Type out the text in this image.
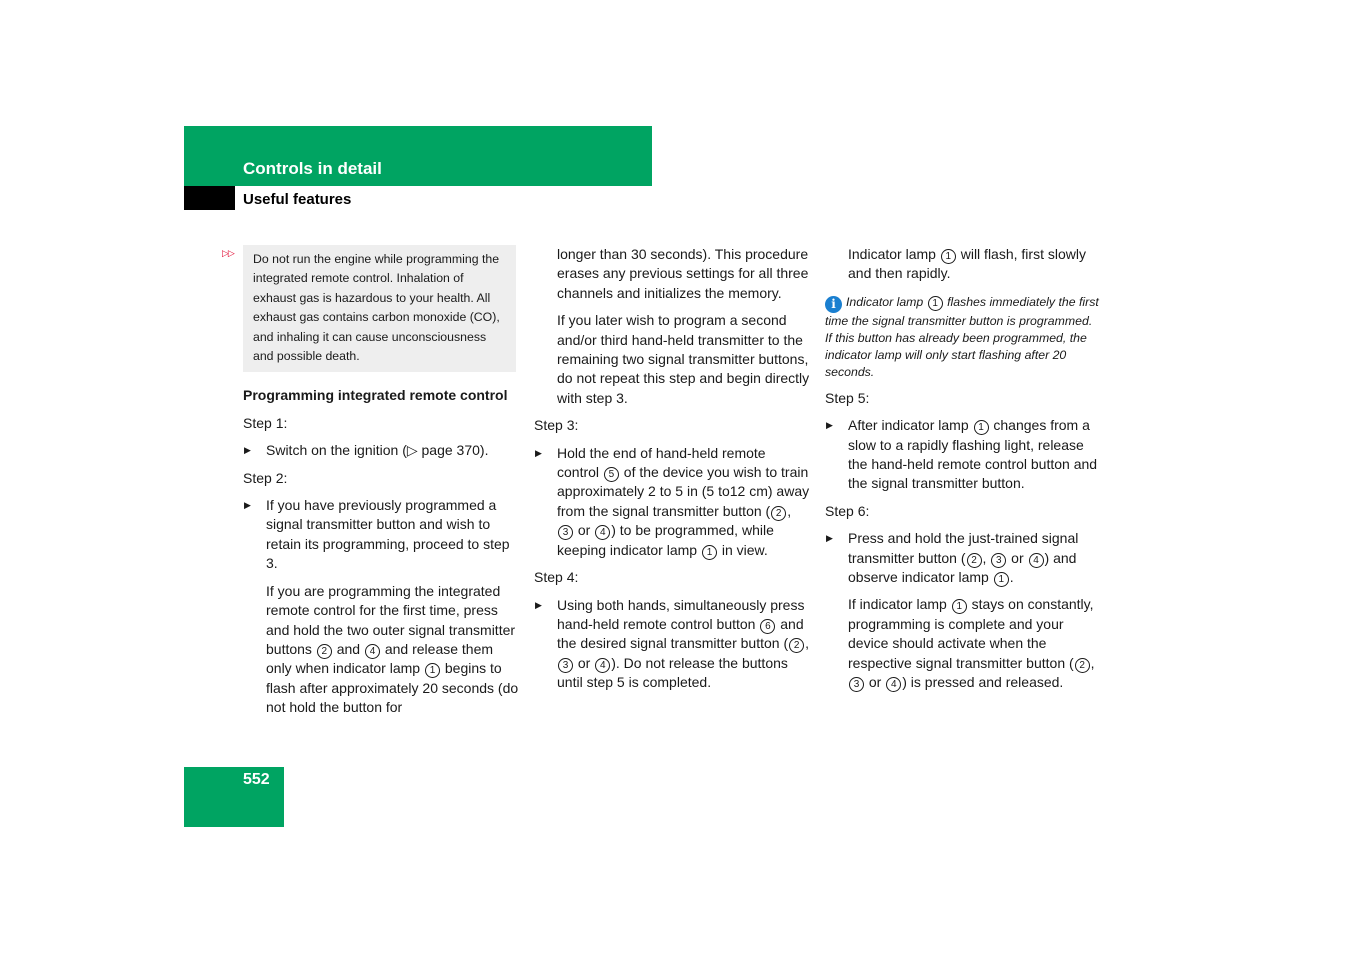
Controls in detail
Useful features
▷▷	Do not run the engine while programming the integrated remote control. Inhalation of exhaust gas is hazardous to your health. All exhaust gas contains carbon monoxide (CO), and inhaling it can cause unconsciousness and possible death.
Programming integrated remote control
Step 1:
▶ Switch on the ignition (▷ page 370).
Step 2:
▶ If you have previously programmed a signal transmitter button and wish to retain its programming, proceed to step 3.
If you are programming the integrated remote control for the first time, press and hold the two outer signal transmitter buttons 2 and 4 and release them only when indicator lamp 1 begins to flash after approximately 20 seconds (do not hold the button for
longer than 30 seconds). This procedure erases any previous settings for all three channels and initializes the memory.
If you later wish to program a second and/or third hand-held transmitter to the remaining two signal transmitter buttons, do not repeat this step and begin directly with step 3.
Step 3:
▶ Hold the end of hand-held remote control 5 of the device you wish to train approximately 2 to 5 in (5 to12 cm) away from the signal transmitter button ( 2 , 3 or 4 ) to be programmed, while keeping indicator lamp 1 in view.
Step 4:
▶ Using both hands, simultaneously press hand-held remote control button 6 and the desired signal transmitter button ( 2 , 3 or 4 ). Do not release the buttons until step 5 is completed.
Indicator lamp 1 will flash, first slowly and then rapidly.
i Indicator lamp 1 flashes immediately the first time the signal transmitter button is programmed. If this button has already been programmed, the indicator lamp will only start flashing after 20 seconds.
Step 5:
▶ After indicator lamp 1 changes from a slow to a rapidly flashing light, release the hand-held remote control button and the signal transmitter button.
Step 6:
▶ Press and hold the just-trained signal transmitter button ( 2 , 3 or 4 ) and observe indicator lamp 1 .
If indicator lamp 1 stays on constantly, programming is complete and your device should activate when the respective signal transmitter button ( 2 , 3 or 4 ) is pressed and released.
552
